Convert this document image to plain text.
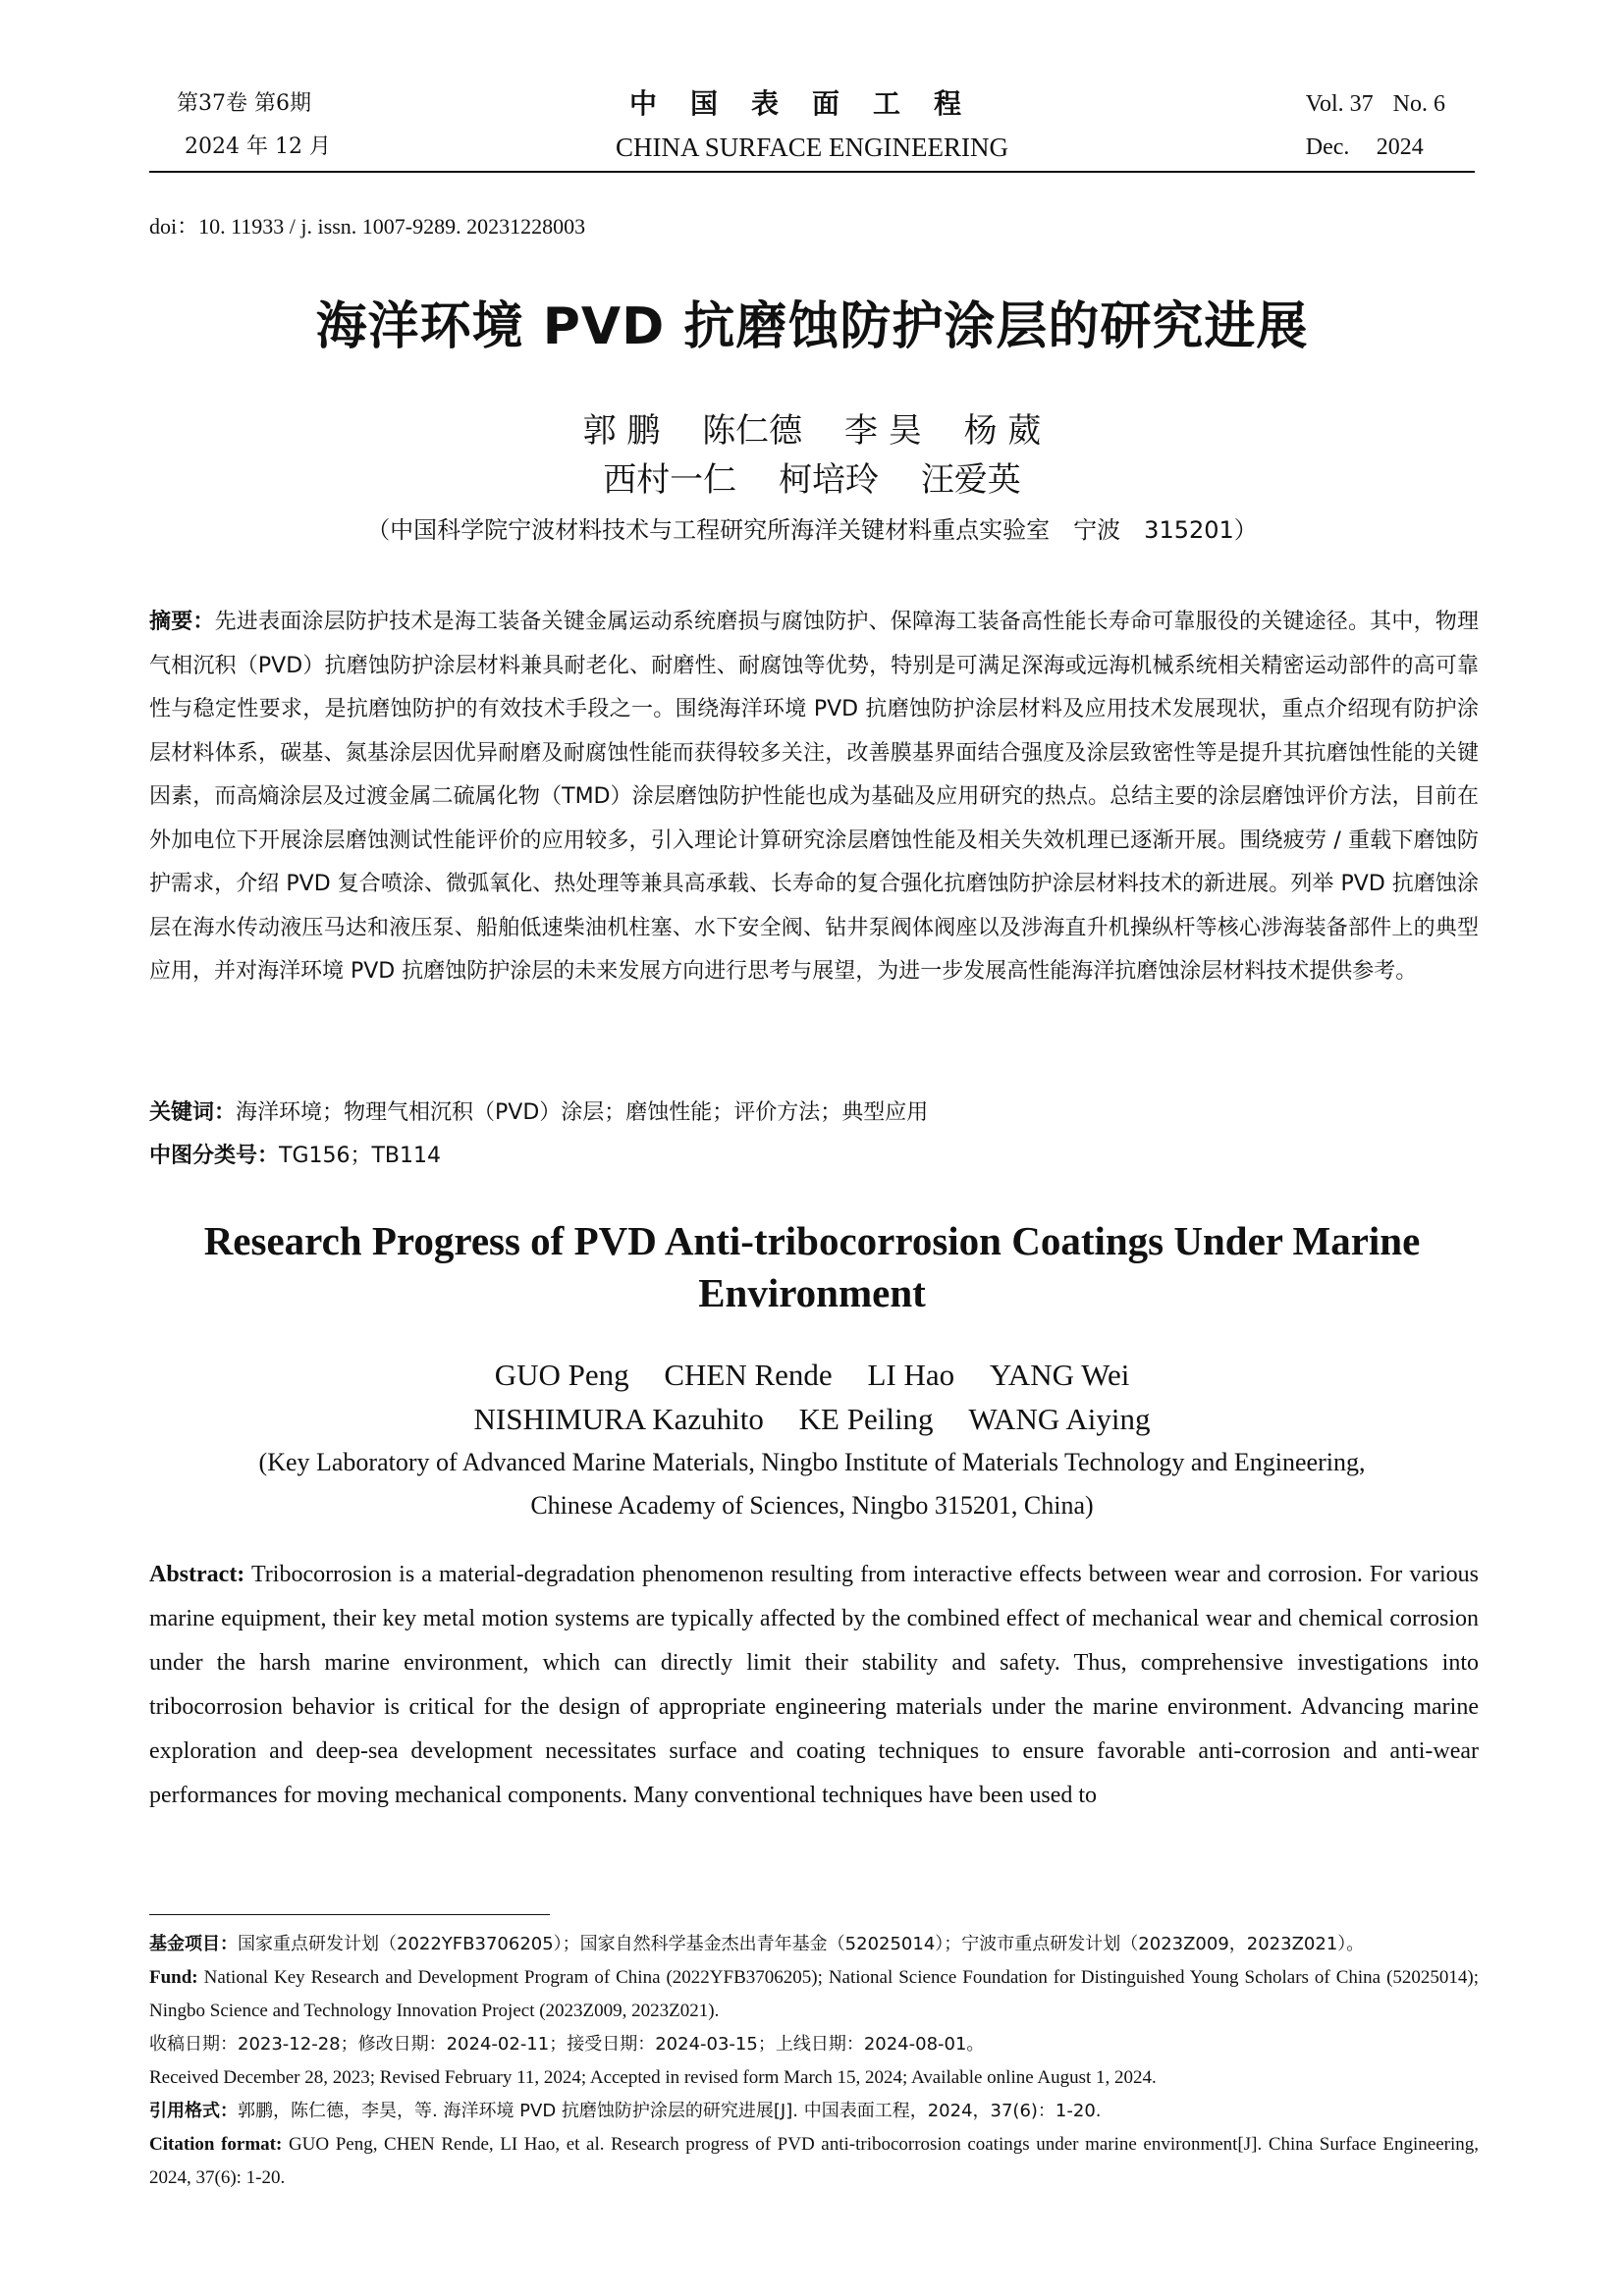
第37卷 第6期
2024 年 12 月
中国表面工程
CHINA SURFACE ENGINEERING
Vol. 37 No. 6
Dec. 2024
doi：10. 11933 / j. issn. 1007-9289. 20231228003
海洋环境 PVD 抗磨蚀防护涂层的研究进展
郭 鹏 陈仁德 李 昊 杨 葳
西村一仁 柯培玲 汪爱英
（中国科学院宁波材料技术与工程研究所海洋关键材料重点实验室　宁波　315201）
摘要：先进表面涂层防护技术是海工装备关键金属运动系统磨损与腐蚀防护、保障海工装备高性能长寿命可靠服役的关键途径。其中，物理气相沉积（PVD）抗磨蚀防护涂层材料兼具耐老化、耐磨性、耐腐蚀等优势，特别是可满足深海或远海机械系统相关精密运动部件的高可靠性与稳定性要求，是抗磨蚀防护的有效技术手段之一。围绕海洋环境 PVD 抗磨蚀防护涂层材料及应用技术发展现状，重点介绍现有防护涂层材料体系，碳基、氮基涂层因优异耐磨及耐腐蚀性能而获得较多关注，改善膜基界面结合强度及涂层致密性等是提升其抗磨蚀性能的关键因素，而高熵涂层及过渡金属二硫属化物（TMD）涂层磨蚀防护性能也成为基础及应用研究的热点。总结主要的涂层磨蚀评价方法，目前在外加电位下开展涂层磨蚀测试性能评价的应用较多，引入理论计算研究涂层磨蚀性能及相关失效机理已逐渐开展。围绕疲劳 / 重载下磨蚀防护需求，介绍 PVD 复合喷涂、微弧氧化、热处理等兼具高承载、长寿命的复合强化抗磨蚀防护涂层材料技术的新进展。列举 PVD 抗磨蚀涂层在海水传动液压马达和液压泵、船舶低速柴油机柱塞、水下安全阀、钻井泵阀体阀座以及涉海直升机操纵杆等核心涉海装备部件上的典型应用，并对海洋环境 PVD 抗磨蚀防护涂层的未来发展方向进行思考与展望，为进一步发展高性能海洋抗磨蚀涂层材料技术提供参考。
关键词：海洋环境；物理气相沉积（PVD）涂层；磨蚀性能；评价方法；典型应用
中图分类号：TG156；TB114
Research Progress of PVD Anti-tribocorrosion Coatings Under Marine Environment
GUO Peng CHEN Rende LI Hao YANG Wei
NISHIMURA Kazuhito KE Peiling WANG Aiying
(Key Laboratory of Advanced Marine Materials, Ningbo Institute of Materials Technology and Engineering,
Chinese Academy of Sciences, Ningbo 315201, China)
Abstract: Tribocorrosion is a material-degradation phenomenon resulting from interactive effects between wear and corrosion. For various marine equipment, their key metal motion systems are typically affected by the combined effect of mechanical wear and chemical corrosion under the harsh marine environment, which can directly limit their stability and safety. Thus, comprehensive investigations into tribocorrosion behavior is critical for the design of appropriate engineering materials under the marine environment. Advancing marine exploration and deep-sea development necessitates surface and coating techniques to ensure favorable anti-corrosion and anti-wear performances for moving mechanical components. Many conventional techniques have been used to

基金项目：国家重点研发计划（2022YFB3706205）；国家自然科学基金杰出青年基金（52025014）；宁波市重点研发计划（2023Z009，2023Z021）。

Fund: National Key Research and Development Program of China (2022YFB3706205); National Science Foundation for Distinguished Young Scholars of China (52025014); Ningbo Science and Technology Innovation Project (2023Z009, 2023Z021).

收稿日期：2023-12-28；修改日期：2024-02-11；接受日期：2024-03-15；上线日期：2024-08-01。

Received December 28, 2023; Revised February 11, 2024; Accepted in revised form March 15, 2024; Available online August 1, 2024.

引用格式：郭鹏，陈仁德，李昊，等. 海洋环境 PVD 抗磨蚀防护涂层的研究进展[J]. 中国表面工程，2024，37(6)：1-20.

Citation format: GUO Peng, CHEN Rende, LI Hao, et al. Research progress of PVD anti-tribocorrosion coatings under marine environment[J]. China Surface Engineering, 2024, 37(6): 1-20.
